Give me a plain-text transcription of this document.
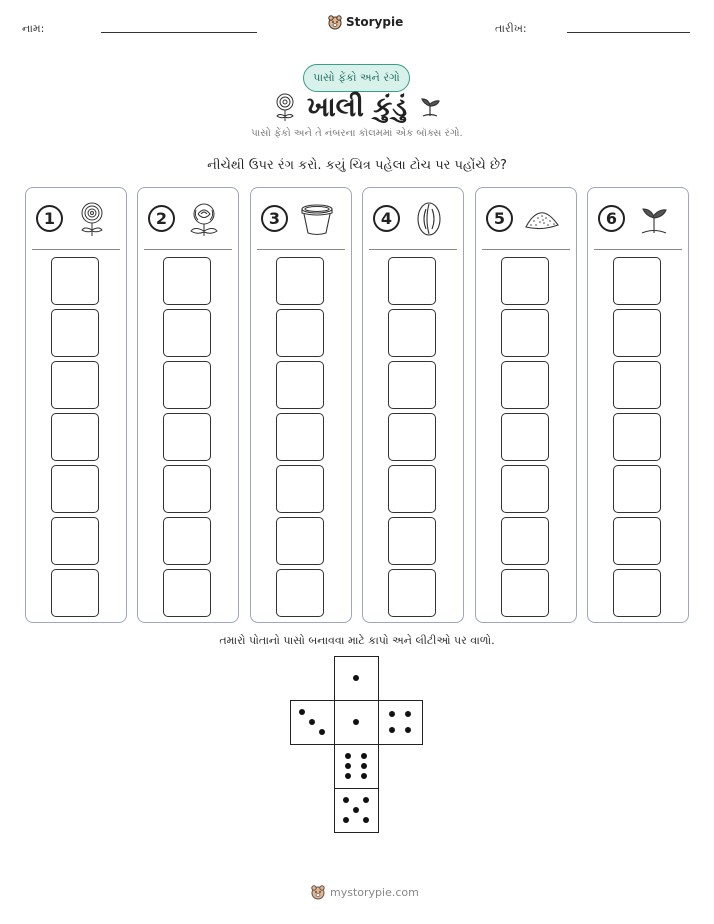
નામ:	Storypie	તારીખ:
પાસો ફેંકો અને રંગો
ખાલી કુંડું
પાસો ફેંકો અને તે નંબરના કૉલમમાં એક બૉક્સ રંગો.
નીચેથી ઉપર રંગ કરો. કયું ચિત્ર પહેલા ટોચ પર પહોંચે છે?
1	2	3	4	5	6
તમારો પોતાનો પાસો બનાવવા માટે કાપો અને લીટીઓ પર વાળો.
mystorypie.com
